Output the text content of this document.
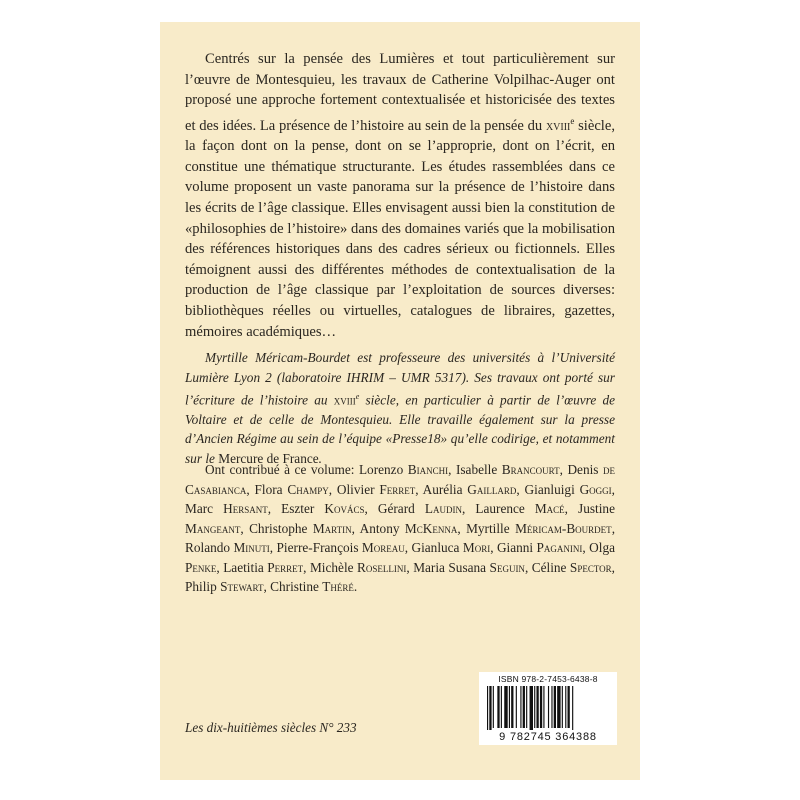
Centrés sur la pensée des Lumières et tout particulièrement sur l’œuvre de Montesquieu, les travaux de Catherine Volpilhac-Auger ont proposé une approche fortement contextualisée et historicisée des textes et des idées. La présence de l’histoire au sein de la pensée du xviii$^e$ siècle, la façon dont on la pense, dont on se l’approprie, dont on l’écrit, en constitue une thématique structurante. Les études rassemblées dans ce volume proposent un vaste panorama sur la présence de l’histoire dans les écrits de l’âge classique. Elles envisagent aussi bien la constitution de «philosophies de l’histoire» dans des domaines variés que la mobilisation des références historiques dans des cadres sérieux ou fictionnels. Elles témoignent aussi des différentes méthodes de contextualisation de la production de l’âge classique par l’exploitation de sources diverses: bibliothèques réelles ou virtuelles, catalogues de libraires, gazettes, mémoires académiques…

Myrtille Méricam-Bourdet est professeure des universités à l’Université Lumière Lyon 2 (laboratoire IHRIM – UMR 5317). Ses travaux ont porté sur l’écriture de l’histoire au xviii$^e$ siècle, en particulier à partir de l’œuvre de Voltaire et de celle de Montesquieu. Elle travaille également sur la presse d’Ancien Régime au sein de l’équipe «Presse18» qu’elle codirige, et notamment sur le Mercure de France.

Ont contribué à ce volume: Lorenzo Bianchi, Isabelle Brancourt, Denis de Casabianca, Flora Champy, Olivier Ferret, Aurélia Gaillard, Gianluigi Goggi, Marc Hersant, Eszter Kovács, Gérard Laudin, Laurence Macé, Justine Mangeant, Christophe Martin, Antony McKenna, Myrtille Méricam-Bourdet, Rolando Minuti, Pierre-François Moreau, Gianluca Mori, Gianni Paganini, Olga Penke, Laetitia Perret, Michèle Rosellini, Maria Susana Seguin, Céline Spector, Philip Stewart, Christine Théré.

Les dix-huitièmes siècles N° 233

ISBN 978-2-7453-6438-8
9 782745 364388
